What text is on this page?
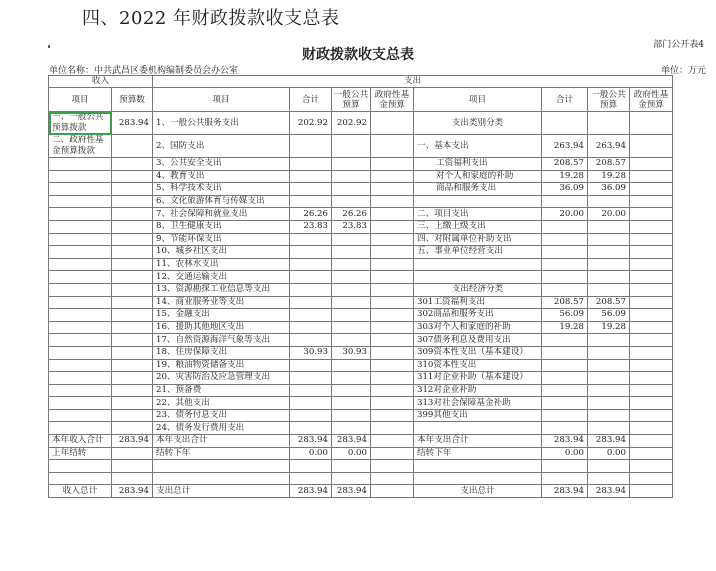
四、2022 年财政拨款收支总表
部门公开表4
财政拨款收支总表
单位名称：中共武昌区委机构编制委员会办公室	单位：万元
收入		支出							
项目	预算数	项目	合计	一般公共预算	政府性基金预算	项目	合计	一般公共预算	政府性基金预算
一、一般公共预算拨款	283.94	1、一般公共服务支出	202.92	202.92		支出类别分类			
二、政府性基金预算拨款		2、国防支出				一、基本支出	263.94	263.94	
		3、公共安全支出				工资福利支出	208.57	208.57	
		4、教育支出				对个人和家庭的补助	19.28	19.28	
		5、科学技术支出				商品和服务支出	36.09	36.09	
		6、文化旅游体育与传媒支出							
		7、社会保障和就业支出	26.26	26.26		二、项目支出	20.00	20.00	
		8、卫生健康支出	23.83	23.83		三、上缴上级支出			
		9、节能环保支出				四、对附属单位补助支出			
		10、城乡社区支出				五、事业单位经营支出			
		11、农林水支出							
		12、交通运输支出							
		13、资源勘探工业信息等支出				支出经济分类			
		14、商业服务业等支出				301工资福利支出	208.57	208.57	
		15、金融支出				302商品和服务支出	56.09	56.09	
		16、援助其他地区支出				303对个人和家庭的补助	19.28	19.28	
		17、自然资源海洋气象等支出				307债务利息及费用支出			
		18、住房保障支出	30.93	30.93		309资本性支出（基本建设）			
		19、粮油物资储备支出				310资本性支出			
		20、灾害防治及应急管理支出				311对企业补助（基本建设）			
		21、预备费				312对企业补助			
		22、其他支出				313对社会保障基金补助			
		23、债务付息支出				399其他支出			
		24、债务发行费用支出							
本年收入合计	283.94	本年支出合计	283.94	283.94		本年支出合计	283.94	283.94	
上年结转		结转下年	0.00	0.00		结转下年	0.00	0.00	

收入总计	283.94	支出总计	283.94	283.94		支出总计	283.94	283.94	
